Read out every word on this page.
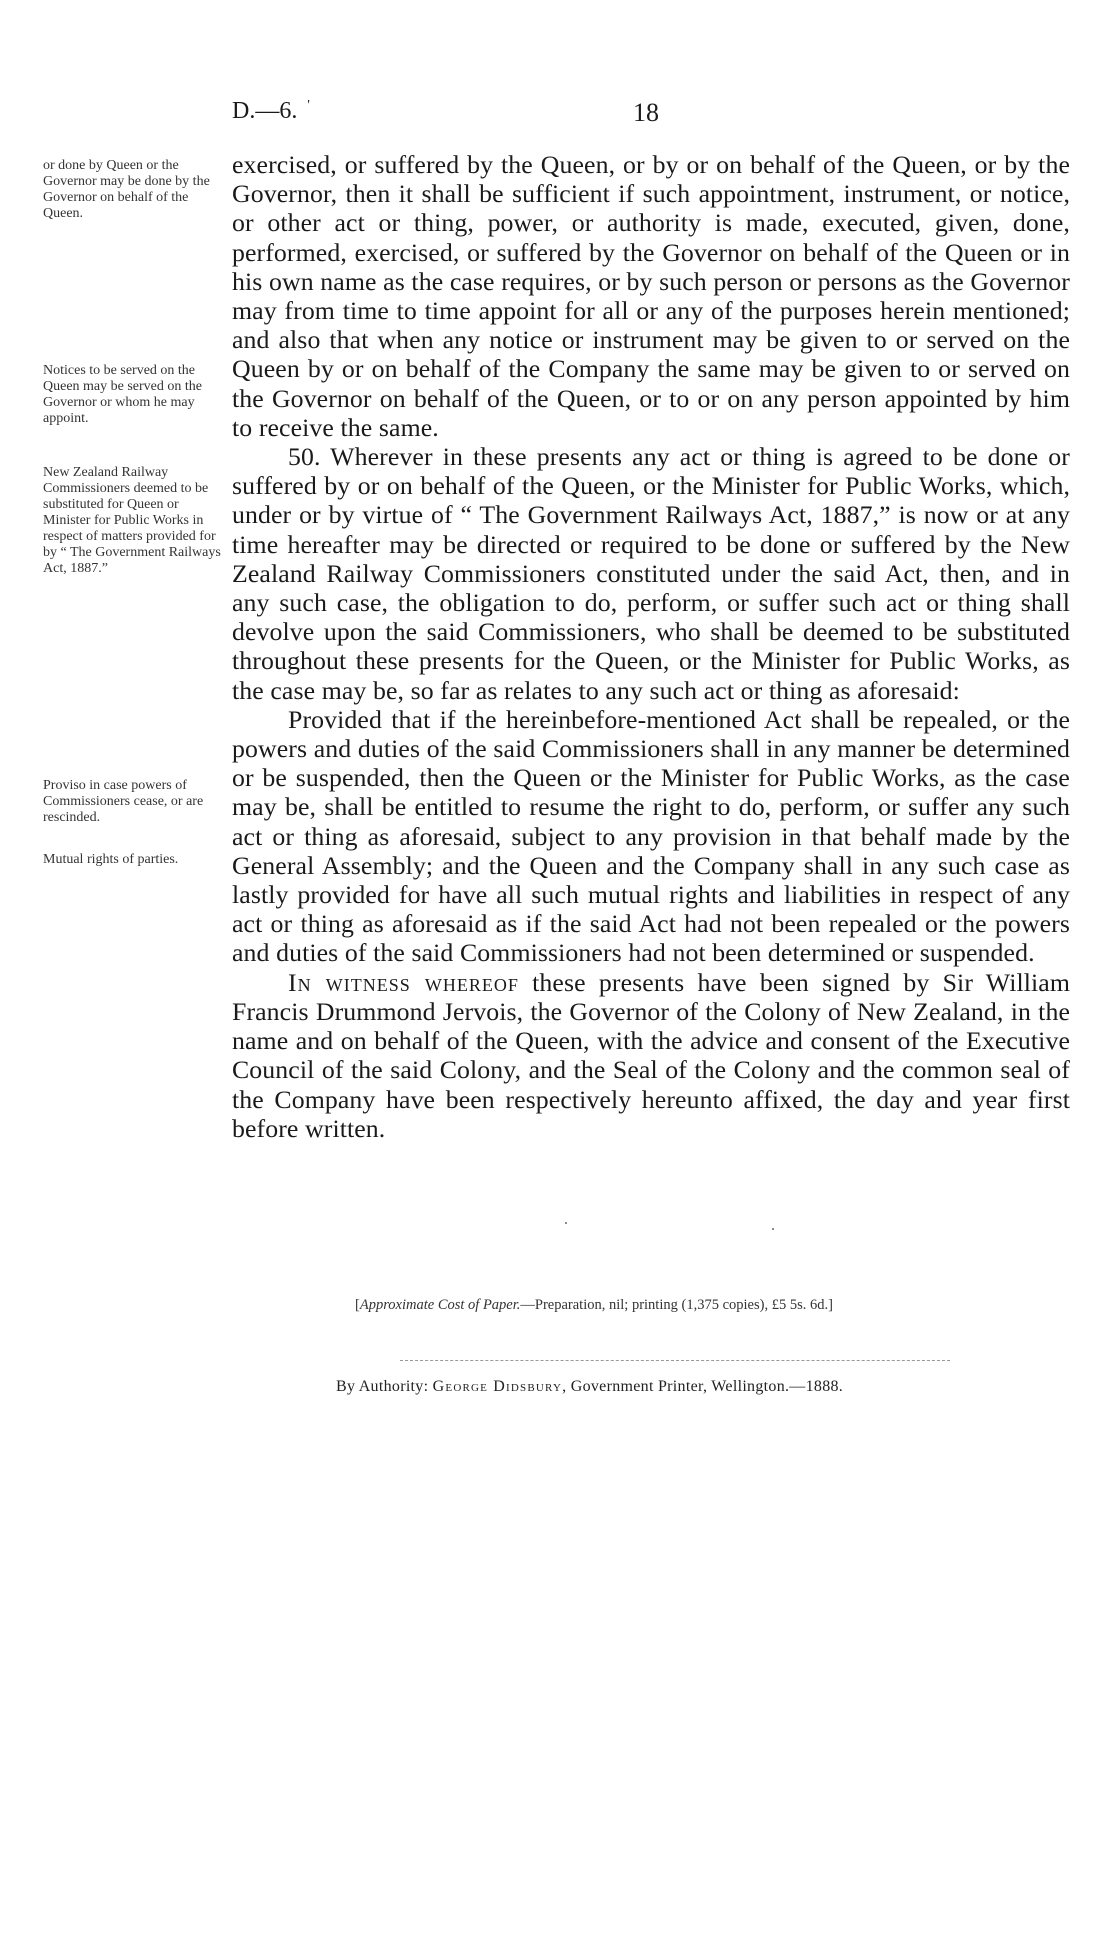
D.—6. '	18
or done by Queen or the Governor may be done by the Governor on behalf of the Queen.
Notices to be served on the Queen may be served on the Governor or whom he may appoint.
New Zealand Railway Commissioners deemed to be substituted for Queen or Minister for Public Works in respect of matters provided for by “ The Government Railways Act, 1887.”
Proviso in case powers of Commissioners cease, or are rescinded.
Mutual rights of parties.

exercised, or suffered by the Queen, or by or on behalf of the Queen, or by the Governor, then it shall be sufficient if such appointment, instrument, or notice, or other act or thing, power, or authority is made, executed, given, done, performed, exercised, or suffered by the Governor on behalf of the Queen or in his own name as the case requires, or by such person or persons as the Governor may from time to time appoint for all or any of the purposes herein mentioned; and also that when any notice or instrument may be given to or served on the Queen by or on behalf of the Company the same may be given to or served on the Governor on behalf of the Queen, or to or on any person appointed by him to receive the same.

50. Wherever in these presents any act or thing is agreed to be done or suffered by or on behalf of the Queen, or the Minister for Public Works, which, under or by virtue of “ The Government Railways Act, 1887,” is now or at any time hereafter may be directed or required to be done or suffered by the New Zealand Railway Commissioners constituted under the said Act, then, and in any such case, the obligation to do, perform, or suffer such act or thing shall devolve upon the said Commissioners, who shall be deemed to be substituted throughout these presents for the Queen, or the Minister for Public Works, as the case may be, so far as relates to any such act or thing as aforesaid:

Provided that if the hereinbefore-mentioned Act shall be repealed, or the powers and duties of the said Commissioners shall in any manner be determined or be suspended, then the Queen or the Minister for Public Works, as the case may be, shall be entitled to resume the right to do, perform, or suffer any such act or thing as aforesaid, subject to any provision in that behalf made by the General Assembly; and the Queen and the Company shall in any such case as lastly provided for have all such mutual rights and liabilities in respect of any act or thing as aforesaid as if the said Act had not been repealed or the powers and duties of the said Commissioners had not been determined or suspended.

In witness whereof these presents have been signed by Sir William Francis Drummond Jervois, the Governor of the Colony of New Zealand, in the name and on behalf of the Queen, with the advice and consent of the Executive Council of the said Colony, and the Seal of the Colony and the common seal of the Company have been respectively hereunto affixed, the day and year first before written.

[Approximate Cost of Paper.—Preparation, nil; printing (1,375 copies), £5 5s. 6d.]
By Authority: George Didsbury, Government Printer, Wellington.—1888.
